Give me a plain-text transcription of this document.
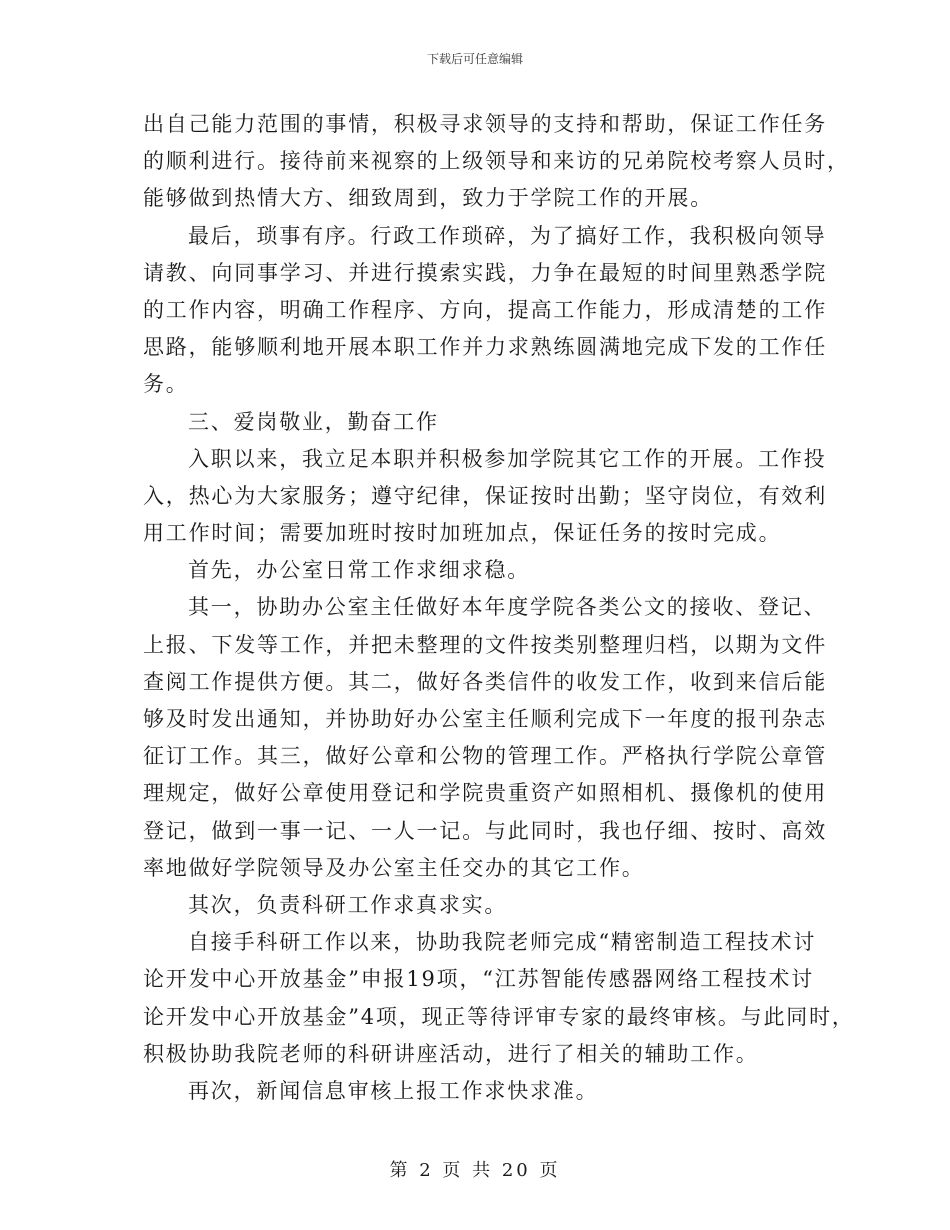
下载后可任意编辑
出自己能力范围的事情，积极寻求领导的支持和帮助，保证工作任务
的顺利进行。接待前来视察的上级领导和来访的兄弟院校考察人员时，
能够做到热情大方、细致周到，致力于学院工作的开展。
最后，琐事有序。行政工作琐碎，为了搞好工作，我积极向领导
请教、向同事学习、并进行摸索实践，力争在最短的时间里熟悉学院
的工作内容，明确工作程序、方向，提高工作能力，形成清楚的工作
思路，能够顺利地开展本职工作并力求熟练圆满地完成下发的工作任
务。
三、爱岗敬业，勤奋工作
入职以来，我立足本职并积极参加学院其它工作的开展。工作投
入，热心为大家服务；遵守纪律，保证按时出勤；坚守岗位，有效利
用工作时间；需要加班时按时加班加点，保证任务的按时完成。
首先，办公室日常工作求细求稳。
其一，协助办公室主任做好本年度学院各类公文的接收、登记、
上报、下发等工作，并把未整理的文件按类别整理归档，以期为文件
查阅工作提供方便。其二，做好各类信件的收发工作，收到来信后能
够及时发出通知，并协助好办公室主任顺利完成下一年度的报刊杂志
征订工作。其三，做好公章和公物的管理工作。严格执行学院公章管
理规定，做好公章使用登记和学院贵重资产如照相机、摄像机的使用
登记，做到一事一记、一人一记。与此同时，我也仔细、按时、高效
率地做好学院领导及办公室主任交办的其它工作。
其次，负责科研工作求真求实。
自接手科研工作以来，协助我院老师完成“精密制造工程技术讨
论开发中心开放基金”申报19项，“江苏智能传感器网络工程技术讨
论开发中心开放基金”4项，现正等待评审专家的最终审核。与此同时，
积极协助我院老师的科研讲座活动，进行了相关的辅助工作。
再次，新闻信息审核上报工作求快求准。
第 2 页 共 20 页
